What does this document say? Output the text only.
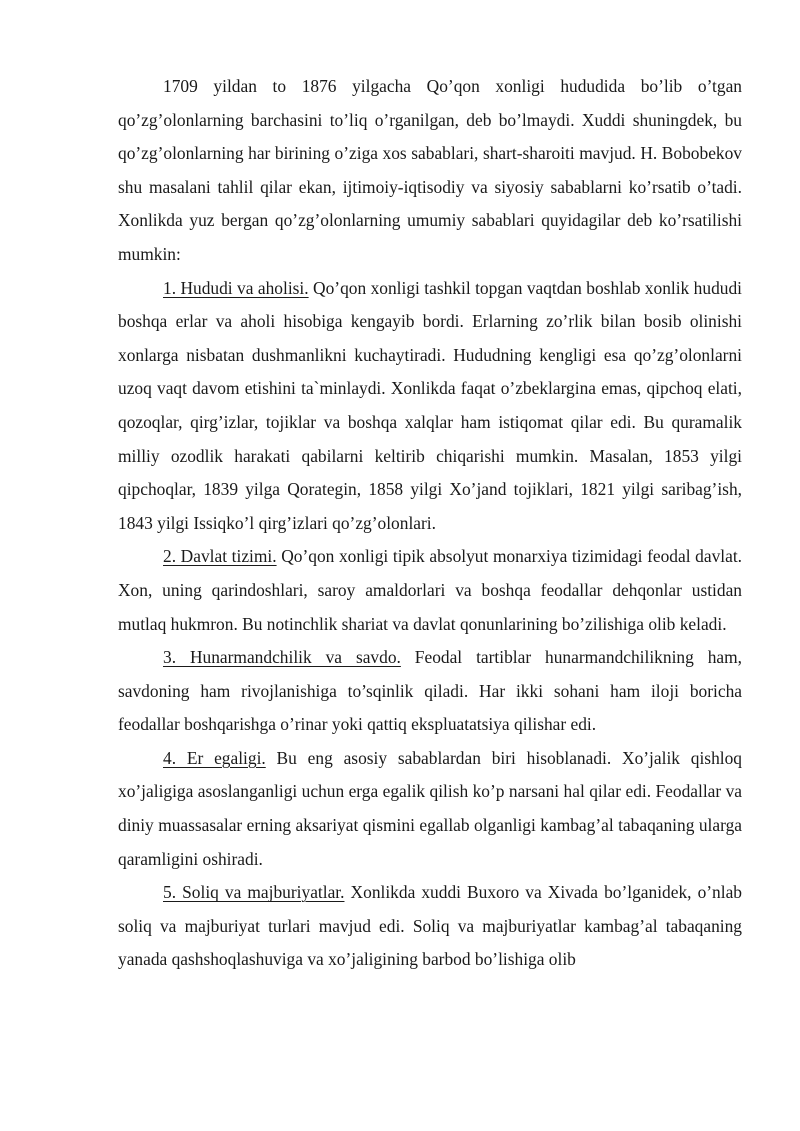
1709 yildan to 1876 yilgacha Qo’qon xonligi hududida bo’lib o’tgan qo’zg’olonlarning barchasini to’liq o’rganilgan, deb bo’lmaydi. Xuddi shuningdek, bu qo’zg’olonlarning har birining o’ziga xos sabablari, shart-sharoiti mavjud. H. Bobobekov shu masalani tahlil qilar ekan, ijtimoiy-iqtisodiy va siyosiy sabablarni ko’rsatib o’tadi. Xonlikda yuz bergan qo’zg’olonlarning umumiy sabablari quyidagilar deb ko’rsatilishi mumkin:

1. Hududi va aholisi. Qo’qon xonligi tashkil topgan vaqtdan boshlab xonlik hududi boshqa erlar va aholi hisobiga kengayib bordi. Erlarning zo’rlik bilan bosib olinishi xonlarga nisbatan dushmanlikni kuchaytiradi. Hududning kengligi esa qo’zg’olonlarni uzoq vaqt davom etishini ta`minlaydi. Xonlikda faqat o’zbeklargina emas, qipchoq elati, qozoqlar, qirg’izlar, tojiklar va boshqa xalqlar ham istiqomat qilar edi. Bu quramalik milliy ozodlik harakati qabilarni keltirib chiqarishi mumkin. Masalan, 1853 yilgi qipchoqlar, 1839 yilga Qorategin, 1858 yilgi Xo’jand tojiklari, 1821 yilgi saribag’ish, 1843 yilgi Issiqko’l qirg’izlari qo’zg’olonlari.

2. Davlat tizimi. Qo’qon xonligi tipik absolyut monarxiya tizimidagi feodal davlat. Xon, uning qarindoshlari, saroy amaldorlari va boshqa feodallar dehqonlar ustidan mutlaq hukmron. Bu notinchlik shariat va davlat qonunlarining bo’zilishiga olib keladi.

3. Hunarmandchilik va savdo. Feodal tartiblar hunarmandchilikning ham, savdoning ham rivojlanishiga to’sqinlik qiladi. Har ikki sohani ham iloji boricha feodallar boshqarishga o’rinar yoki qattiq ekspluatatsiya qilishar edi.

4. Er egaligi. Bu eng asosiy sabablardan biri hisoblanadi. Xo’jalik qishloq xo’jaligiga asoslanganligi uchun erga egalik qilish ko’p narsani hal qilar edi. Feodallar va diniy muassasalar erning aksariyat qismini egallab olganligi kambag’al tabaqaning ularga qaramligini oshiradi.

5. Soliq va majburiyatlar. Xonlikda xuddi Buxoro va Xivada bo’lganidek, o’nlab soliq va majburiyat turlari mavjud edi. Soliq va majburiyatlar kambag’al tabaqaning yanada qashshoqlashuviga va xo’jaligining barbod bo’lishiga olib
